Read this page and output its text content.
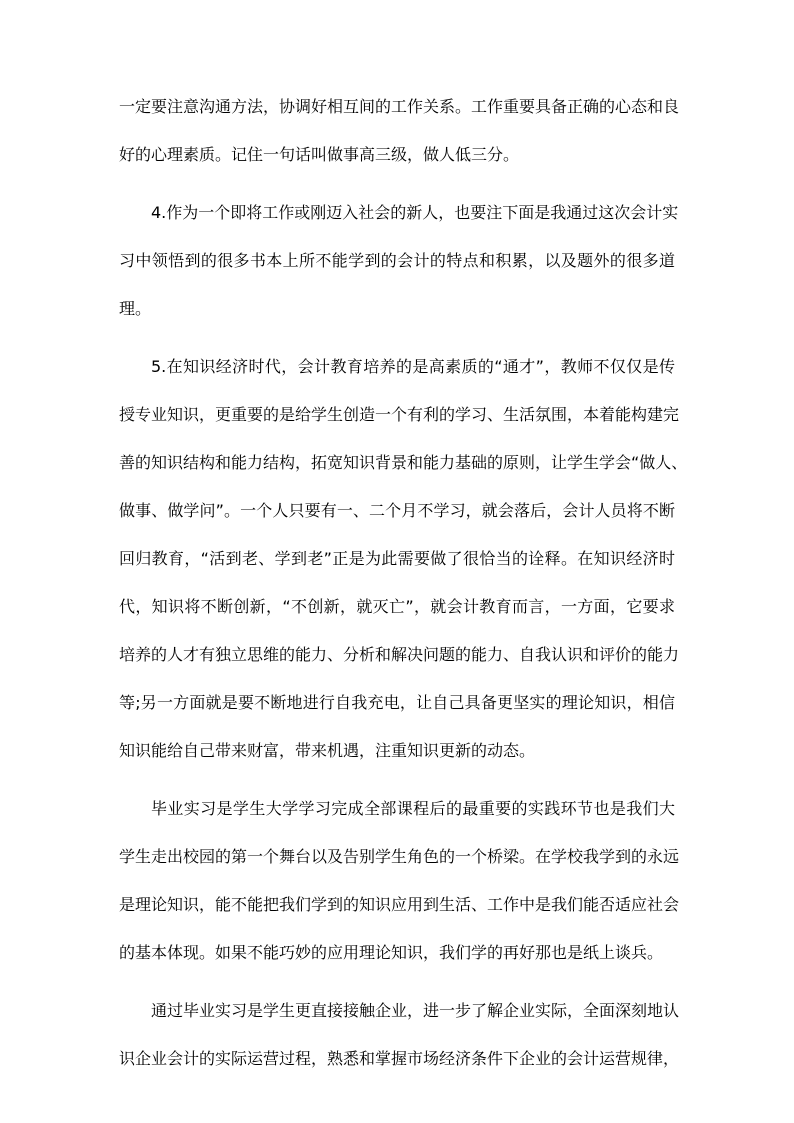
一定要注意沟通方法，协调好相互间的工作关系。工作重要具备正确的心态和良
好的心理素质。记住一句话叫做事高三级，做人低三分。
4.作为一个即将工作或刚迈入社会的新人，也要注下面是我通过这次会计实
习中领悟到的很多书本上所不能学到的会计的特点和积累，以及题外的很多道
理。
5.在知识经济时代，会计教育培养的是高素质的“通才”，教师不仅仅是传
授专业知识，更重要的是给学生创造一个有利的学习、生活氛围，本着能构建完
善的知识结构和能力结构，拓宽知识背景和能力基础的原则，让学生学会“做人、
做事、做学问”。一个人只要有一、二个月不学习，就会落后，会计人员将不断
回归教育，“活到老、学到老”正是为此需要做了很恰当的诠释。在知识经济时
代，知识将不断创新，“不创新，就灭亡”，就会计教育而言，一方面，它要求
培养的人才有独立思维的能力、分析和解决问题的能力、自我认识和评价的能力
等;另一方面就是要不断地进行自我充电，让自己具备更坚实的理论知识，相信
知识能给自己带来财富，带来机遇，注重知识更新的动态。
毕业实习是学生大学学习完成全部课程后的最重要的实践环节也是我们大
学生走出校园的第一个舞台以及告别学生角色的一个桥梁。在学校我学到的永远
是理论知识，能不能把我们学到的知识应用到生活、工作中是我们能否适应社会
的基本体现。如果不能巧妙的应用理论知识，我们学的再好那也是纸上谈兵。
通过毕业实习是学生更直接接触企业，进一步了解企业实际，全面深刻地认
识企业会计的实际运营过程，熟悉和掌握市场经济条件下企业的会计运营规律，
